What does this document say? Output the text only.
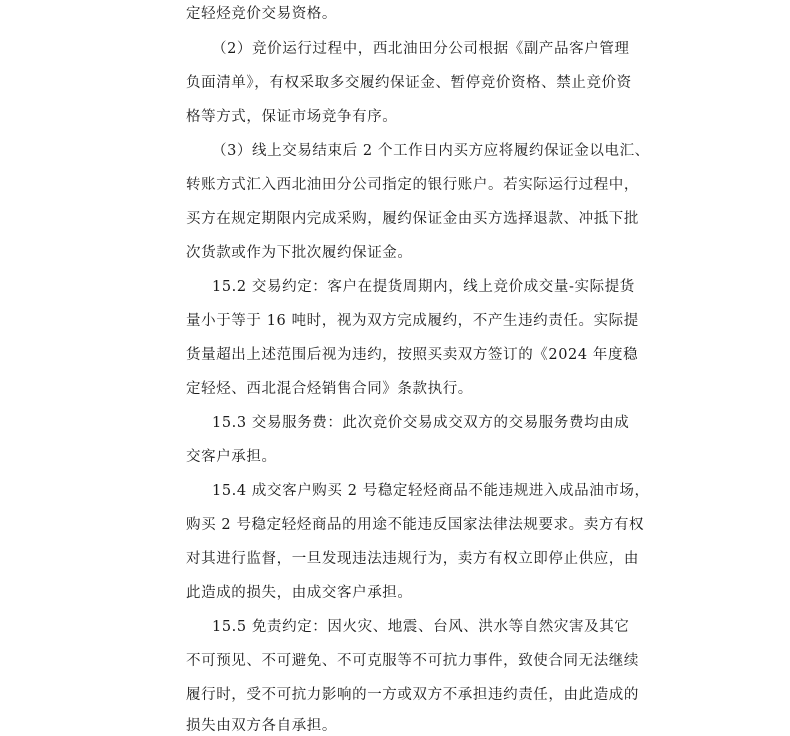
定轻烃竞价交易资格。
（2）竞价运行过程中，西北油田分公司根据《副产品客户管理
负面清单》，有权采取多交履约保证金、暂停竞价资格、禁止竞价资
格等方式，保证市场竞争有序。
（3）线上交易结束后 2 个工作日内买方应将履约保证金以电汇、
转账方式汇入西北油田分公司指定的银行账户。若实际运行过程中，
买方在规定期限内完成采购，履约保证金由买方选择退款、冲抵下批
次货款或作为下批次履约保证金。
15.2 交易约定：客户在提货周期内，线上竞价成交量-实际提货
量小于等于 16 吨时，视为双方完成履约，不产生违约责任。实际提
货量超出上述范围后视为违约，按照买卖双方签订的《2024 年度稳
定轻烃、西北混合烃销售合同》条款执行。
15.3 交易服务费：此次竞价交易成交双方的交易服务费均由成
交客户承担。
15.4 成交客户购买 2 号稳定轻烃商品不能违规进入成品油市场，
购买 2 号稳定轻烃商品的用途不能违反国家法律法规要求。卖方有权
对其进行监督，一旦发现违法违规行为，卖方有权立即停止供应，由
此造成的损失，由成交客户承担。
15.5 免责约定：因火灾、地震、台风、洪水等自然灾害及其它
不可预见、不可避免、不可克服等不可抗力事件，致使合同无法继续
履行时，受不可抗力影响的一方或双方不承担违约责任，由此造成的
损失由双方各自承担。
